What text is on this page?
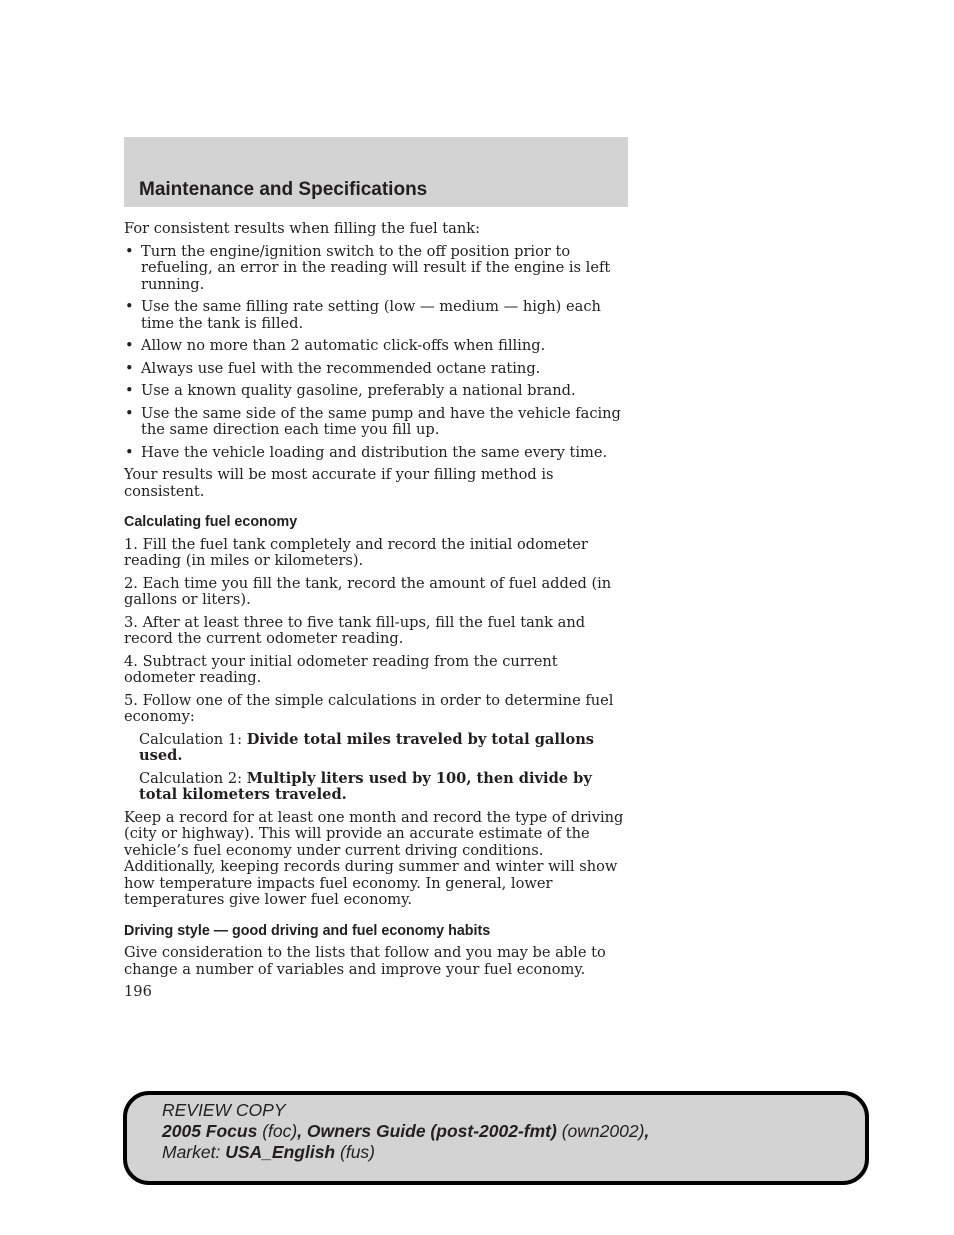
Maintenance and Specifications

For consistent results when filling the fuel tank:

• Turn the engine/ignition switch to the off position prior to refueling, an error in the reading will result if the engine is left running.
• Use the same filling rate setting (low — medium — high) each time the tank is filled.
• Allow no more than 2 automatic click-offs when filling.
• Always use fuel with the recommended octane rating.
• Use a known quality gasoline, preferably a national brand.
• Use the same side of the same pump and have the vehicle facing the same direction each time you fill up.
• Have the vehicle loading and distribution the same every time.

Your results will be most accurate if your filling method is consistent.

Calculating fuel economy

1. Fill the fuel tank completely and record the initial odometer reading (in miles or kilometers).

2. Each time you fill the tank, record the amount of fuel added (in gallons or liters).

3. After at least three to five tank fill-ups, fill the fuel tank and record the current odometer reading.

4. Subtract your initial odometer reading from the current odometer reading.

5. Follow one of the simple calculations in order to determine fuel economy:

Calculation 1: Divide total miles traveled by total gallons used.

Calculation 2: Multiply liters used by 100, then divide by total kilometers traveled.

Keep a record for at least one month and record the type of driving (city or highway). This will provide an accurate estimate of the vehicle’s fuel economy under current driving conditions. Additionally, keeping records during summer and winter will show how temperature impacts fuel economy. In general, lower temperatures give lower fuel economy.

Driving style — good driving and fuel economy habits

Give consideration to the lists that follow and you may be able to change a number of variables and improve your fuel economy.

196

REVIEW COPY
2005 Focus (foc), Owners Guide (post-2002-fmt) (own2002),
Market: USA_English (fus)
